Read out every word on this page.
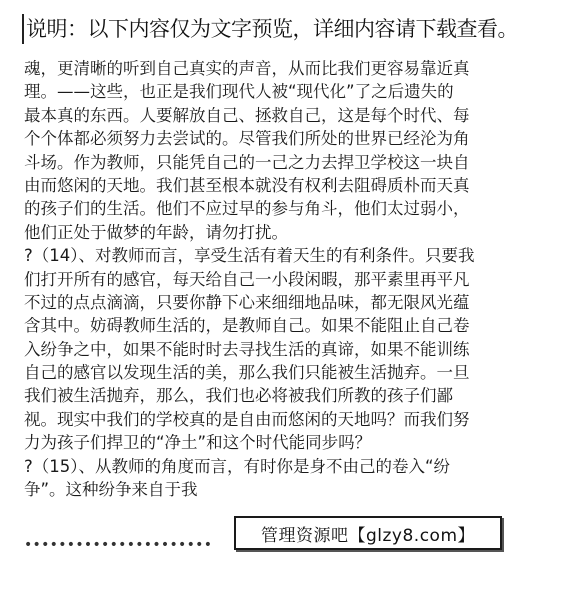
说明：以下内容仅为文字预览，详细内容请下载查看。
魂，更清晰的听到自己真实的声音，从而比我们更容易靠近真
理。——这些，也正是我们现代人被“现代化”了之后遗失的
最本真的东西。人要解放自己、拯救自己，这是每个时代、每
个个体都必须努力去尝试的。尽管我们所处的世界已经沦为角
斗场。作为教师，只能凭自己的一己之力去捍卫学校这一块自
由而悠闲的天地。我们甚至根本就没有权利去阻碍质朴而天真
的孩子们的生活。他们不应过早的参与角斗，他们太过弱小，
他们正处于做梦的年龄，请勿打扰。
?（14）、对教师而言，享受生活有着天生的有利条件。只要我
们打开所有的感官，每天给自己一小段闲暇，那平素里再平凡
不过的点点滴滴，只要你静下心来细细地品味，都无限风光蕴
含其中。妨碍教师生活的，是教师自己。如果不能阻止自己卷
入纷争之中，如果不能时时去寻找生活的真谛，如果不能训练
自己的感官以发现生活的美，那么我们只能被生活抛弃。一旦
我们被生活抛弃，那么，我们也必将被我们所教的孩子们鄙
视。现实中我们的学校真的是自由而悠闲的天地吗？而我们努
力为孩子们捍卫的“净土”和这个时代能同步吗？
?（15）、从教师的角度而言，有时你是身不由己的卷入“纷
争”。这种纷争来自于我
••••••••••••••••••••••	管理资源吧【glzy8.com】
